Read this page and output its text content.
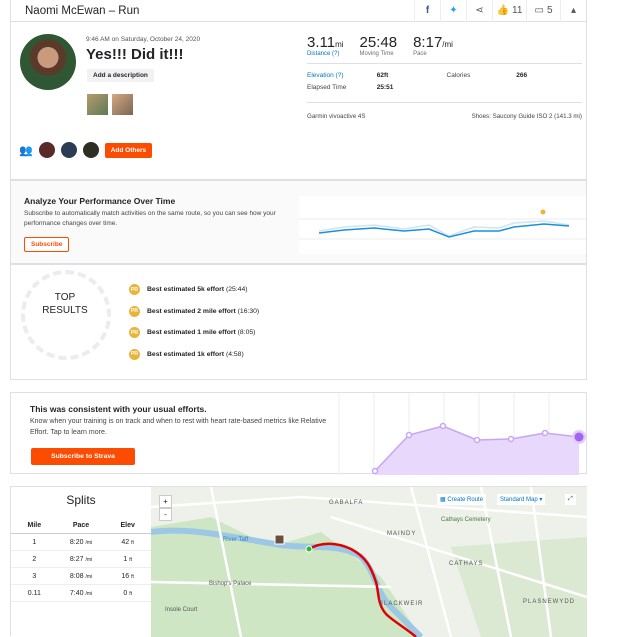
Naomi McEwan – Run	f ✦ ⋖ 👍 11 ▭ 5 ▴
9:46 AM on Saturday, October 24, 2020
Yes!!! Did it!!!
Add a description
👥	Add Others
3.11mi
Distance (?)
25:48
Moving Time
8:17/mi
Pace
Elevation (?)	62ft	Calories	266
Elapsed Time	25:51
Garmin vivoactive 4S	Shoes: Saucony Guide ISO 2 (141.3 mi)
Analyze Your Performance Over Time

Subscribe to automatically match activities on the same route, so you can see how your performance changes over time.

Subscribe
TOP RESULTS
PR Best estimated 5k effort (25:44)
PR Best estimated 2 mile effort (16:30)
PR Best estimated 1 mile effort (8:05)
PR Best estimated 1k effort (4:58)
This was consistent with your usual efforts.

Know when your training is on track and when to rest with heart rate-based metrics like Relative Effort. Tap to learn more.

Subscribe to Strava
Splits
Mile	Pace	Elev
1	8:20 /mi	42 ft
2	8:27 /mi	1 ft
3	8:08 /mi	16 ft
0.11	7:40 /mi	0 ft
GABALFA
MAINDY
Cathays Cemetery
CATHAYS
River Taff
Bishop's Palace
Insole Court
BLACKWEIR	PLASNEWYDD
+
-
▦ Create Route	Standard Map ▾	⤢
